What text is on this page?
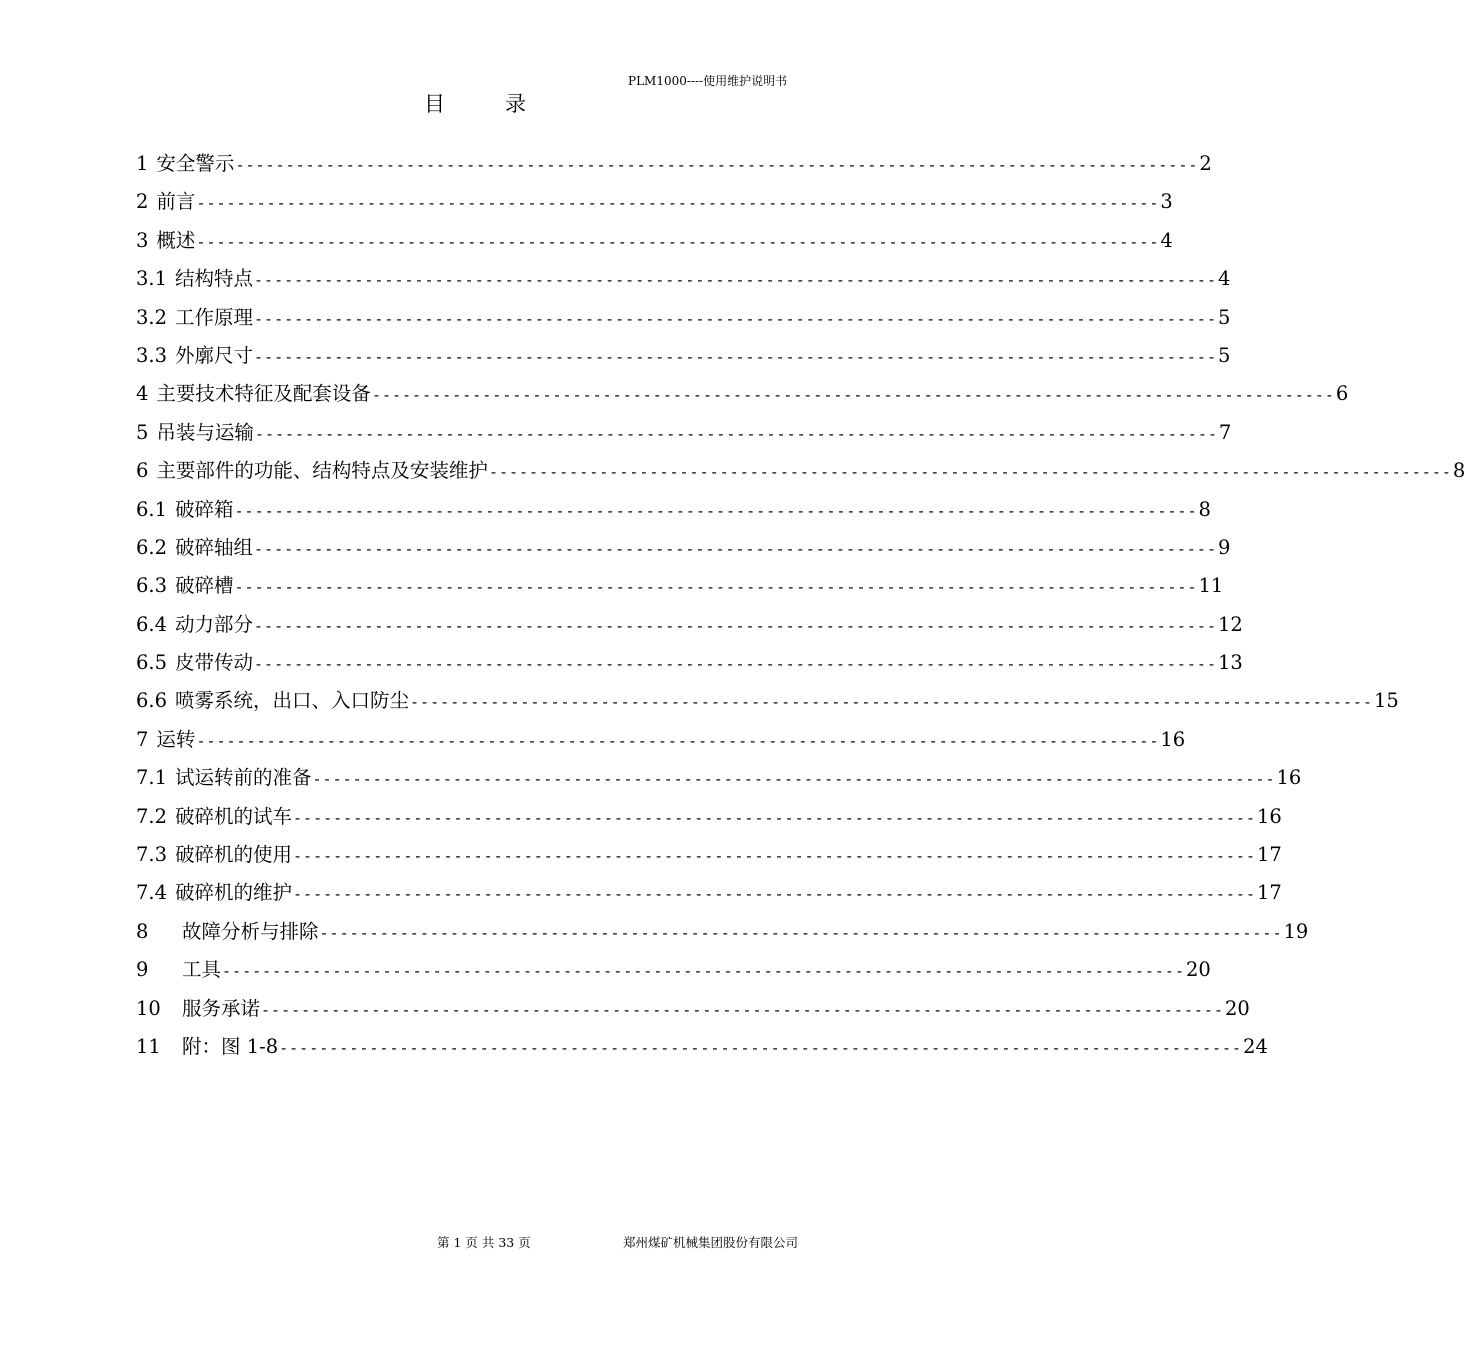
PLM1000----使用维护说明书
目录
1 安全警示 ------------------------------------------------------------------------------------------------ 2
2 前言 ------------------------------------------------------------------------------------------------ 3
3 概述 ------------------------------------------------------------------------------------------------ 4
3.1 结构特点 ------------------------------------------------------------------------------------------------ 4
3.2 工作原理 ------------------------------------------------------------------------------------------------ 5
3.3 外廓尺寸 ------------------------------------------------------------------------------------------------ 5
4 主要技术特征及配套设备 ------------------------------------------------------------------------------------------------ 6
5 吊装与运输 ------------------------------------------------------------------------------------------------ 7
6 主要部件的功能、结构特点及安装维护 ------------------------------------------------------------------------------------------------ 8
6.1 破碎箱 ------------------------------------------------------------------------------------------------ 8
6.2 破碎轴组 ------------------------------------------------------------------------------------------------ 9
6.3 破碎槽 ------------------------------------------------------------------------------------------------ 11
6.4 动力部分 ------------------------------------------------------------------------------------------------ 12
6.5 皮带传动 ------------------------------------------------------------------------------------------------ 13
6.6 喷雾系统，出口、入口防尘 ------------------------------------------------------------------------------------------------ 15
7 运转 ------------------------------------------------------------------------------------------------ 16
7.1 试运转前的准备 ------------------------------------------------------------------------------------------------ 16
7.2 破碎机的试车 ------------------------------------------------------------------------------------------------ 16
7.3 破碎机的使用 ------------------------------------------------------------------------------------------------ 17
7.4 破碎机的维护 ------------------------------------------------------------------------------------------------ 17
8	故障分析与排除 ------------------------------------------------------------------------------------------------ 19
9	工具 ------------------------------------------------------------------------------------------------ 20
10	服务承诺 ------------------------------------------------------------------------------------------------ 20
11	附：图 1-8 ------------------------------------------------------------------------------------------------ 24
第 1 页 共 33 页	郑州煤矿机械集团股份有限公司
